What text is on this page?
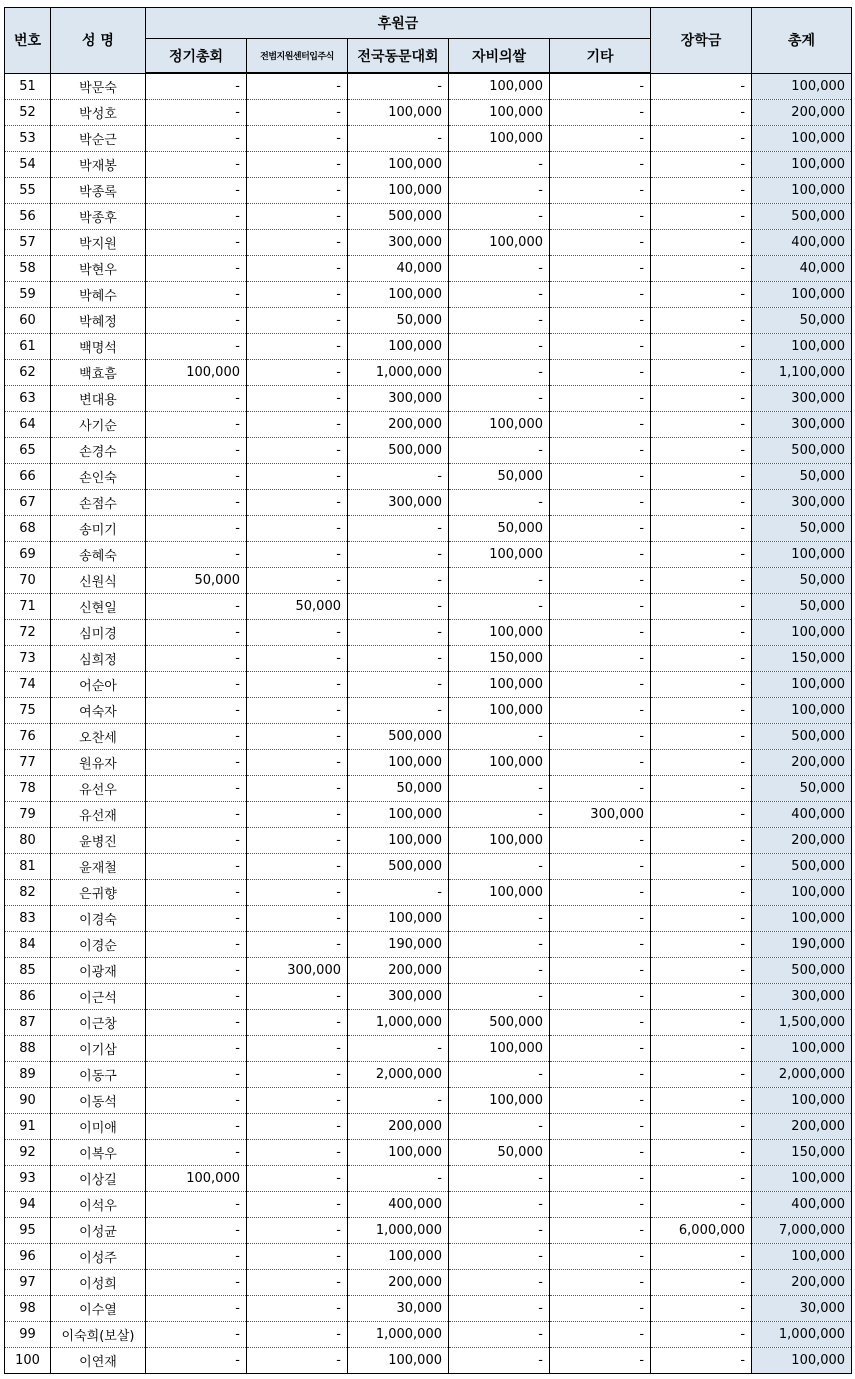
번호	성 명	후원금					장학금	총계
		정기총회	전범지원센터입주식	전국동문대회	자비의쌀	기타		
51	박문숙	-	-	-	100,000	-	-	100,000
52	박성호	-	-	100,000	100,000	-	-	200,000
53	박순근	-	-	-	100,000	-	-	100,000
54	박재봉	-	-	100,000	-	-	-	100,000
55	박종록	-	-	100,000	-	-	-	100,000
56	박종후	-	-	500,000	-	-	-	500,000
57	박지원	-	-	300,000	100,000	-	-	400,000
58	박현우	-	-	40,000	-	-	-	40,000
59	박혜수	-	-	100,000	-	-	-	100,000
60	박혜정	-	-	50,000	-	-	-	50,000
61	백명석	-	-	100,000	-	-	-	100,000
62	백효흠	100,000	-	1,000,000	-	-	-	1,100,000
63	변대용	-	-	300,000	-	-	-	300,000
64	사기순	-	-	200,000	100,000	-	-	300,000
65	손경수	-	-	500,000	-	-	-	500,000
66	손인숙	-	-	-	50,000	-	-	50,000
67	손점수	-	-	300,000	-	-	-	300,000
68	송미기	-	-	-	50,000	-	-	50,000
69	송혜숙	-	-	-	100,000	-	-	100,000
70	신원식	50,000	-	-	-	-	-	50,000
71	신현일	-	50,000	-	-	-	-	50,000
72	심미경	-	-	-	100,000	-	-	100,000
73	심희정	-	-	-	150,000	-	-	150,000
74	어순아	-	-	-	100,000	-	-	100,000
75	여숙자	-	-	-	100,000	-	-	100,000
76	오찬세	-	-	500,000	-	-	-	500,000
77	원유자	-	-	100,000	100,000	-	-	200,000
78	유선우	-	-	50,000	-	-	-	50,000
79	유선재	-	-	100,000	-	300,000	-	400,000
80	윤병진	-	-	100,000	100,000	-	-	200,000
81	윤재철	-	-	500,000	-	-	-	500,000
82	은귀향	-	-	-	100,000	-	-	100,000
83	이경숙	-	-	100,000	-	-	-	100,000
84	이경순	-	-	190,000	-	-	-	190,000
85	이광재	-	300,000	200,000	-	-	-	500,000
86	이근석	-	-	300,000	-	-	-	300,000
87	이근창	-	-	1,000,000	500,000	-	-	1,500,000
88	이기삼	-	-	-	100,000	-	-	100,000
89	이동구	-	-	2,000,000	-	-	-	2,000,000
90	이동석	-	-	-	100,000	-	-	100,000
91	이미애	-	-	200,000	-	-	-	200,000
92	이복우	-	-	100,000	50,000	-	-	150,000
93	이상길	100,000	-	-	-	-	-	100,000
94	이석우	-	-	400,000	-	-	-	400,000
95	이성균	-	-	1,000,000	-	-	6,000,000	7,000,000
96	이성주	-	-	100,000	-	-	-	100,000
97	이성희	-	-	200,000	-	-	-	200,000
98	이수열	-	-	30,000	-	-	-	30,000
99	이숙희(보살)	-	-	1,000,000	-	-	-	1,000,000
100	이연재	-	-	100,000	-	-	-	100,000
